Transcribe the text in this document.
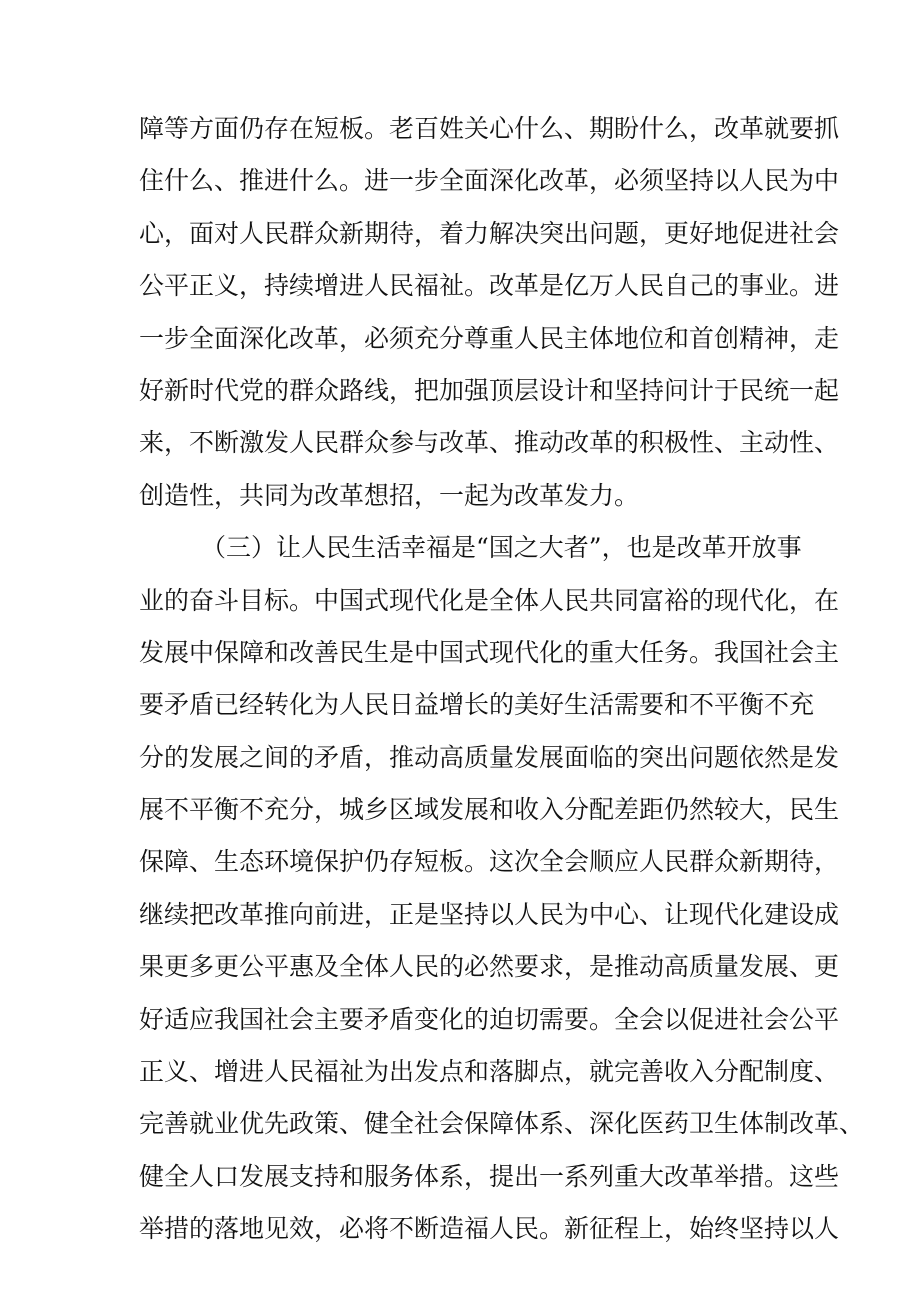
障等方面仍存在短板。老百姓关心什么、期盼什么，改革就要抓
住什么、推进什么。进一步全面深化改革，必须坚持以人民为中
心，面对人民群众新期待，着力解决突出问题，更好地促进社会
公平正义，持续增进人民福祉。改革是亿万人民自己的事业。进
一步全面深化改革，必须充分尊重人民主体地位和首创精神，走
好新时代党的群众路线，把加强顶层设计和坚持问计于民统一起
来，不断激发人民群众参与改革、推动改革的积极性、主动性、
创造性，共同为改革想招，一起为改革发力。
（三）让人民生活幸福是“国之大者”，也是改革开放事
业的奋斗目标。中国式现代化是全体人民共同富裕的现代化，在
发展中保障和改善民生是中国式现代化的重大任务。我国社会主
要矛盾已经转化为人民日益增长的美好生活需要和不平衡不充
分的发展之间的矛盾，推动高质量发展面临的突出问题依然是发
展不平衡不充分，城乡区域发展和收入分配差距仍然较大，民生
保障、生态环境保护仍存短板。这次全会顺应人民群众新期待，
继续把改革推向前进，正是坚持以人民为中心、让现代化建设成
果更多更公平惠及全体人民的必然要求，是推动高质量发展、更
好适应我国社会主要矛盾变化的迫切需要。全会以促进社会公平
正义、增进人民福祉为出发点和落脚点，就完善收入分配制度、
完善就业优先政策、健全社会保障体系、深化医药卫生体制改革、
健全人口发展支持和服务体系，提出一系列重大改革举措。这些
举措的落地见效，必将不断造福人民。新征程上，始终坚持以人
